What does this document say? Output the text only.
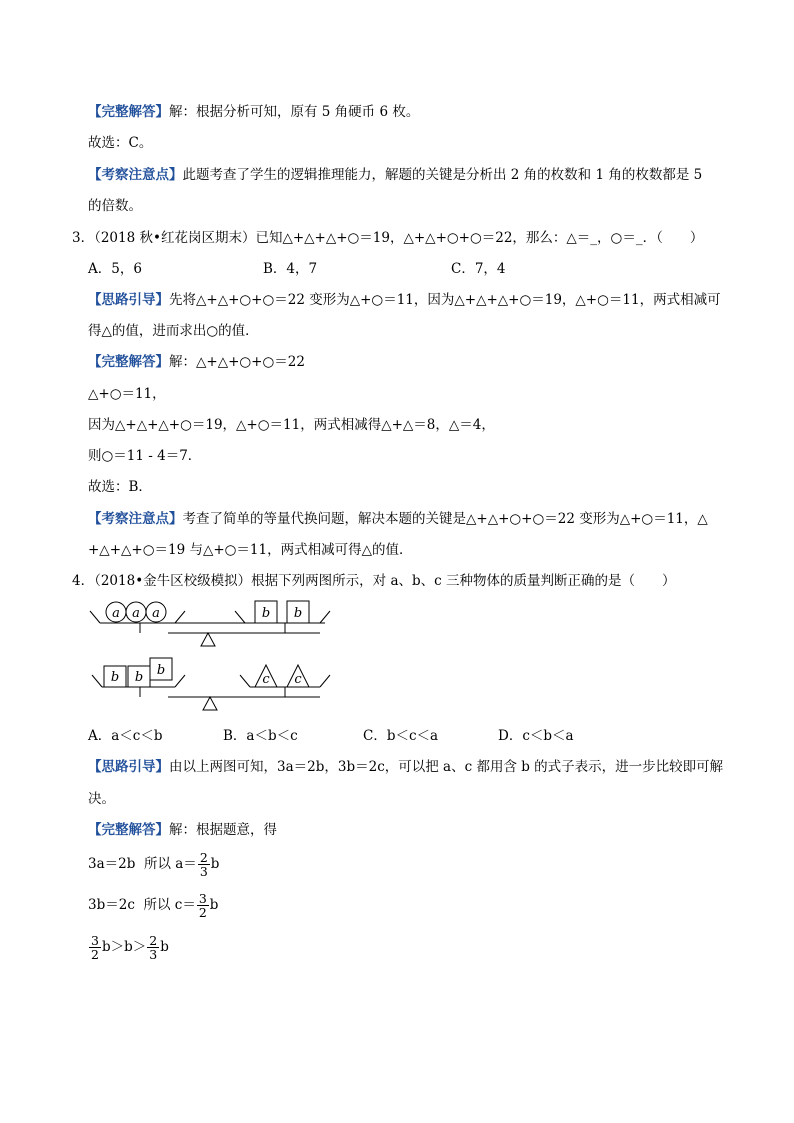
【完整解答】解：根据分析可知，原有 5 角硬币 6 枚。
故选：C。
【考察注意点】此题考查了学生的逻辑推理能力，解题的关键是分析出 2 角的枚数和 1 角的枚数都是 5
的倍数。
3．（2018 秋•红花岗区期末）已知△+△+△+○＝19，△+△+○+○＝22，那么：△＝_，○＝_．（　　）
A．5，6	B．4，7	C．7，4
【思路引导】先将△+△+○+○＝22 变形为△+○＝11，因为△+△+△+○＝19，△+○＝11，两式相减可
得△的值，进而求出○的值．
【完整解答】解：△+△+○+○＝22
△+○＝11，
因为△+△+△+○＝19，△+○＝11，两式相减得△+△＝8，△＝4，
则○＝11 - 4＝7．
故选：B．
【考察注意点】考查了简单的等量代换问题，解决本题的关键是△+△+○+○＝22 变形为△+○＝11，△
+△+△+○＝19 与△+○＝11，两式相减可得△的值．
4．（2018•金牛区校级模拟）根据下列两图所示，对 a、b、c 三种物体的质量判断正确的是（　　）
a a a	b b
b b b
c c
A．a＜c＜b	B．a＜b＜c	C．b＜c＜a	D．c＜b＜a
【思路引导】由以上两图可知，3a＝2b，3b＝2c，可以把 a、c 都用含 b 的式子表示，进一步比较即可解
决。
【完整解答】解：根据题意，得
3a＝2b 所以 $a= \frac{2}{3}$ b
3b＝2c 所以 $c= \frac{3}{2}$ b
$\frac{3}{2} b>b> \frac{2}{3}$ b
